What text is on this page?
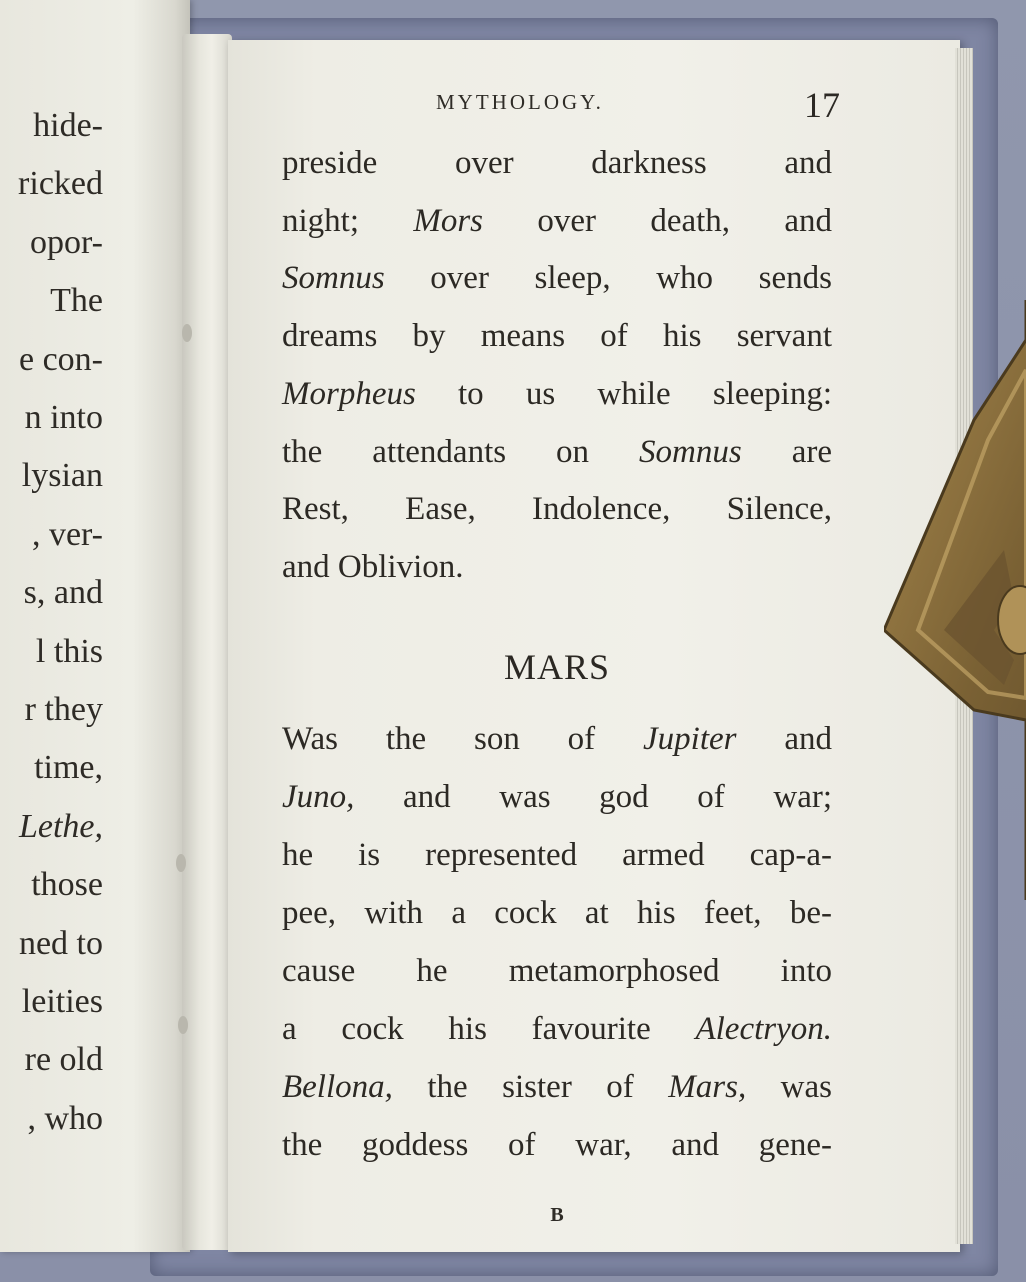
hide-
ricked
opor-
The
e con-
n into
lysian
, ver-
s, and
l this
r they
time,
Lethe,
those
ned to
leities
re old
, who
MYTHOLOGY.	17
preside over darkness and
night; Mors over death, and
Somnus over sleep, who sends
dreams by means of his servant
Morpheus to us while sleeping:
the attendants on Somnus are
Rest, Ease, Indolence, Silence,
and Oblivion.
MARS
Was the son of Jupiter and
Juno, and was god of war;
he is represented armed cap-a-
pee, with a cock at his feet, be-
cause he metamorphosed into
a cock his favourite Alectryon.
Bellona, the sister of Mars, was
the goddess of war, and gene-
B
